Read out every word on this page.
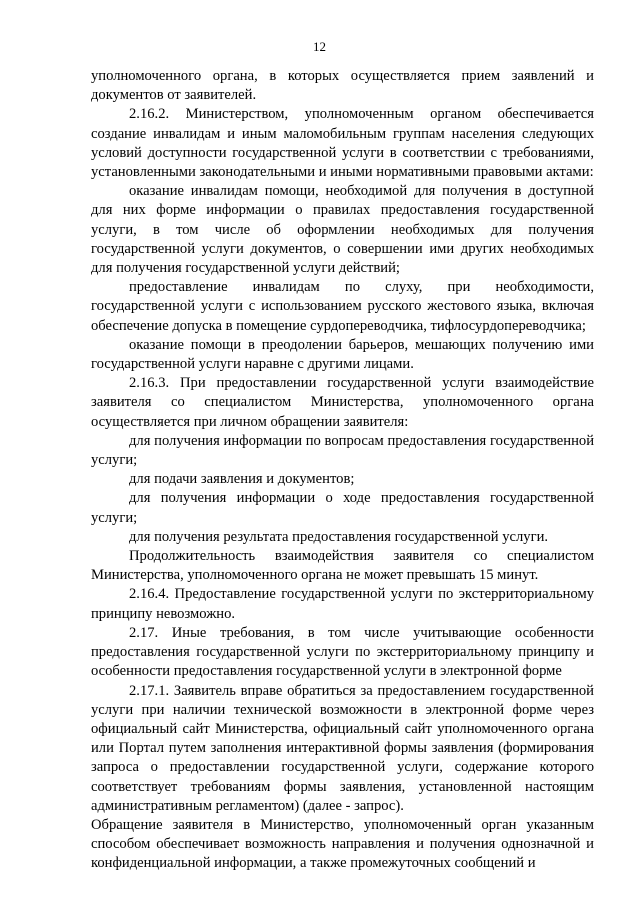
12

уполномоченного органа, в которых осуществляется прием заявлений и документов от заявителей.

2.16.2. Министерством, уполномоченным органом обеспечивается создание инвалидам и иным маломобильным группам населения следующих условий доступности государственной услуги в соответствии с требованиями, установленными законодательными и иными нормативными правовыми актами:

оказание инвалидам помощи, необходимой для получения в доступной для них форме информации о правилах предоставления государственной услуги, в том числе об оформлении необходимых для получения государственной услуги документов, о совершении ими других необходимых для получения государственной услуги действий;

предоставление инвалидам по слуху, при необходимости, государственной услуги с использованием русского жестового языка, включая обеспечение допуска в помещение сурдопереводчика, тифлосурдопереводчика;

оказание помощи в преодолении барьеров, мешающих получению ими государственной услуги наравне с другими лицами.

2.16.3. При предоставлении государственной услуги взаимодействие заявителя со специалистом Министерства, уполномоченного органа осуществляется при личном обращении заявителя:

для получения информации по вопросам предоставления государственной услуги;

для подачи заявления и документов;

для получения информации о ходе предоставления государственной услуги;

для получения результата предоставления государственной услуги.

Продолжительность взаимодействия заявителя со специалистом Министерства, уполномоченного органа не может превышать 15 минут.

2.16.4. Предоставление государственной услуги по экстерриториальному принципу невозможно.

2.17. Иные требования, в том числе учитывающие особенности предоставления государственной услуги по экстерриториальному принципу и особенности предоставления государственной услуги в электронной форме

2.17.1. Заявитель вправе обратиться за предоставлением государственной услуги при наличии технической возможности в электронной форме через официальный сайт Министерства, официальный сайт уполномоченного органа или Портал путем заполнения интерактивной формы заявления (формирования запроса о предоставлении государственной услуги, содержание которого соответствует требованиям формы заявления, установленной настоящим административным регламентом) (далее - запрос).

Обращение заявителя в Министерство, уполномоченный орган указанным способом обеспечивает возможность направления и получения однозначной и конфиденциальной информации, а также промежуточных сообщений и
